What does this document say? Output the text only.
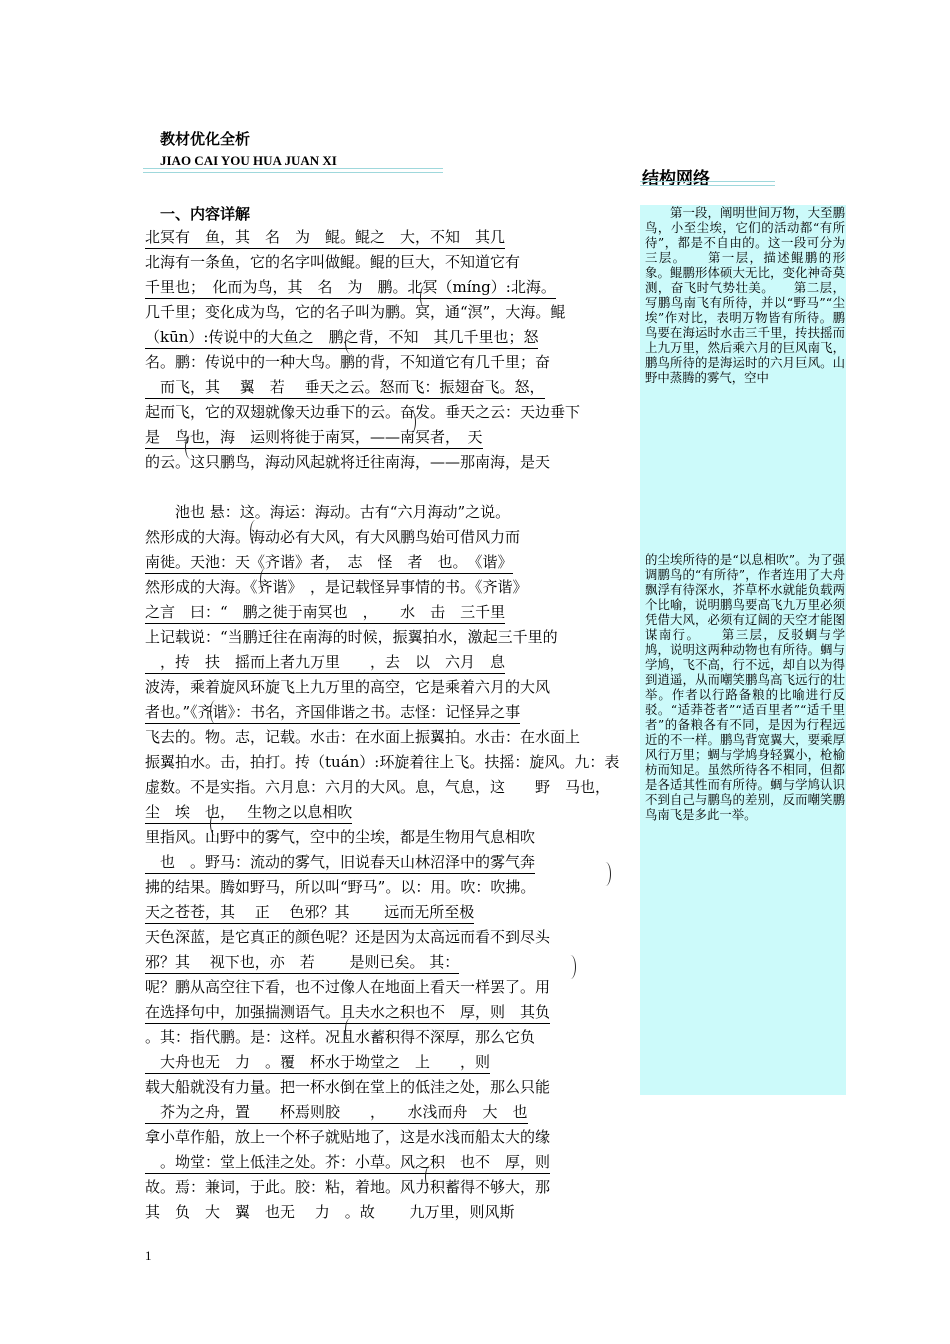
教材优化全析
JIAO CAI YOU HUA JUAN XI
一、内容详解
北冥有　鱼，其　名　为　鲲。鲲之　大，不知　其几
北海有一条鱼，它的名字叫做鲲。鲲的巨大，不知道它有
千里也；　化而为鸟，其　名　为　鹏。北冥（míng）:北海。
几千里；变化成为鸟，它的名子叫为鹏。冥，通“溟”，大海。鲲
（kūn）:传说中的大鱼之　鹏之背，不知　其几千里也；怒
名。鹏：传说中的一种大鸟。鹏的背，不知道它有几千里；奋
　而飞，其　 翼　若　 垂天之云。怒而飞：振翅奋飞。怒，
起而飞，它的双翅就像天边垂下的云。奋发。垂天之云：天边垂下
是　鸟也，海　运则将徙于南冥，——南冥者，　天
的云。这只鹏鸟，海动风起就将迁往南海，——那南海，是天
　　池也 悬：这。海运：海动。古有“六月海动”之说。
然形成的大海。海动必有大风，有大风鹏鸟始可借风力而
南徙。天池：天《齐谐》者，　志　怪　者　也。　《谐》
然形成的大海。《齐谐》　，是记载怪异事情的书。《齐谐》
之言　曰：“　鹏之徙于南冥也　，　　水　击　三千里
上记载说：“当鹏迁往在南海的时候，振翼拍水，激起三千里的
　，抟　扶　摇而上者九万里　　，去　以　六月　息
波涛，乘着旋风环旋飞上九万里的高空，它是乘着六月的大风
者也。”《齐谐》：书名，齐国俳谐之书。志怪：记怪异之事
飞去的。物。志，记载。水击：在水面上振翼拍。水击：在水面上
振翼拍水。击，拍打。抟（tuán）:环旋着往上飞。扶摇：旋风。九：表
虚数。不是实指。六月息：六月的大风。息，气息，这　　野　马也，
尘　埃　也，　 生物之以息相吹
里指风。山野中的雾气，空中的尘埃，都是生物用气息相吹
　也　。野马：流动的雾气，旧说春天山林沼泽中的雾气奔
拂的结果。腾如野马，所以叫“野马”。以：用。吹：吹拂。
天之苍苍，其　 正　 色邪？其　　 远而无所至极
天色深蓝，是它真正的颜色呢？还是因为太高远而看不到尽头
邪？其　 视下也，亦　若　　 是则已矣。 其：
呢？鹏从高空往下看，也不过像人在地面上看天一样罢了。用
在选择句中，加强揣测语气。且夫水之积也不　厚，则　其负
。其：指代鹏。是：这样。况且水蓄积得不深厚，那么它负
　大舟也无　力　。覆　杯水于坳堂之　上　　，则
载大船就没有力量。把一杯水倒在堂上的低洼之处，那么只能
　芥为之舟，置　　杯焉则胶　　，　　水浅而舟　大　也
拿小草作船，放上一个杯子就贴地了，这是水浅而船太大的缘
　。坳堂：堂上低洼之处。芥：小草。风之积　也不　厚，则
故。焉：兼词，于此。胶：粘，着地。风力积蓄得不够大，那
其　负　大　翼　也无　 力　。故　　 九万里，则风斯
结构网络
　　第一段，阐明世间万物，大至鹏鸟，小至尘埃，它们的活动都“有所待”，都是不自由的。这一段可分为三层。　　第一层，描述鲲鹏的形象。鲲鹏形体硕大无比，变化神奇莫测，奋飞时气势壮美。　　第二层，写鹏鸟南飞有所待，并以“野马”“尘埃”作对比，表明万物皆有所待。鹏鸟要在海运时水击三千里，抟扶摇而上九万里，然后乘六月的巨风南飞，鹏鸟所待的是海运时的六月巨风。山野中蒸腾的雾气，空中
的尘埃所待的是“以息相吹”。为了强调鹏鸟的“有所待”，作者连用了大舟飘浮有待深水，芥草杯水就能负载两个比喻，说明鹏鸟要高飞九万里必须凭借大风，必须有辽阔的天空才能图谋南行。　　第三层，反驳蜩与学鸠，说明这两种动物也有所待。蜩与学鸠，飞不高，行不远，却自以为得到逍遥，从而嘲笑鹏鸟高飞远行的壮举。作者以行路备粮的比喻进行反驳。“适莽苍者”“适百里者”“适千里者”的备粮各有不同，是因为行程远近的不一样。鹏鸟背宽翼大，要乘厚风行万里；蜩与学鸠身轻翼小，枪榆枋而知足。虽然所待各不相同，但都是各适其性而有所待。蜩与学鸠认识不到自己与鹏鸟的差别，反而嘲笑鹏鸟南飞是多此一举。
1
